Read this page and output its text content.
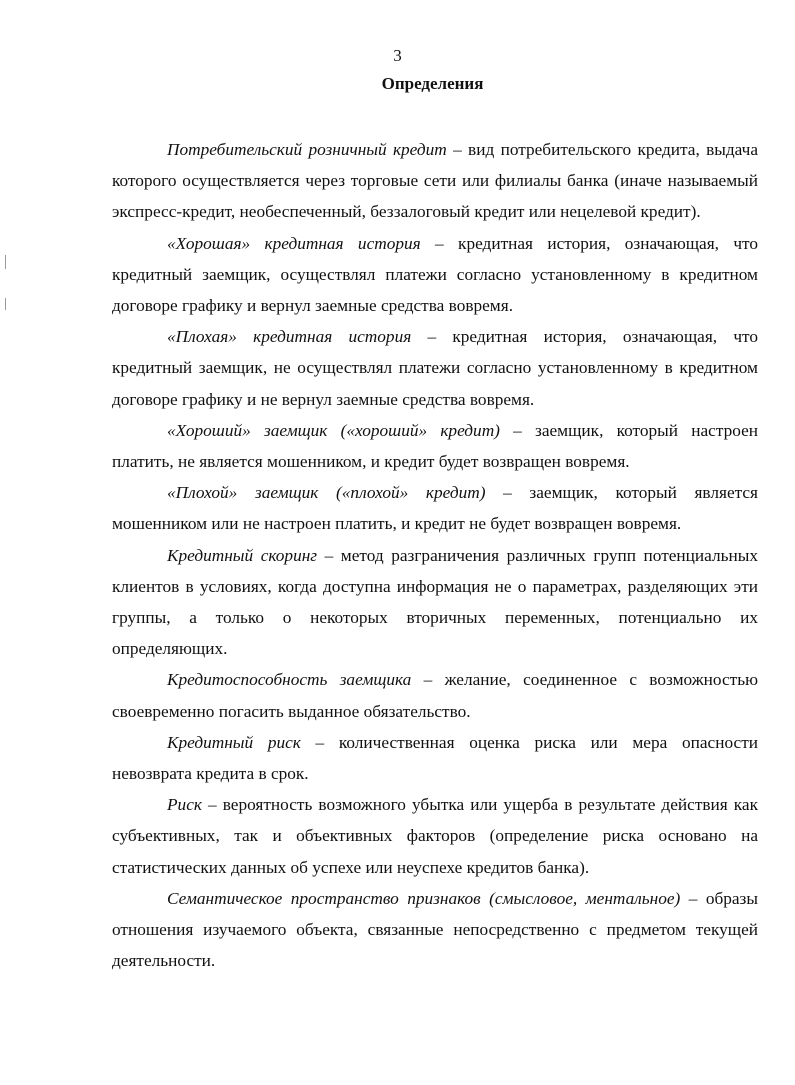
3
Определения

Потребительский розничный кредит – вид потребительского кредита, выдача которого осуществляется через торговые сети или филиалы банка (иначе называемый экспресс-кредит, необеспеченный, беззалоговый кредит или нецелевой кредит).

«Хорошая» кредитная история – кредитная история, означающая, что кредитный заемщик, осуществлял платежи согласно установленному в кредитном договоре графику и вернул заемные средства вовремя.

«Плохая» кредитная история – кредитная история, означающая, что кредитный заемщик, не осуществлял платежи согласно установленному в кредитном договоре графику и не вернул заемные средства вовремя.

«Хороший» заемщик («хороший» кредит) – заемщик, который настроен платить, не является мошенником, и кредит будет возвращен вовремя.

«Плохой» заемщик («плохой» кредит) – заемщик, который является мошенником или не настроен платить, и кредит не будет возвращен вовремя.

Кредитный скоринг – метод разграничения различных групп потенциальных клиентов в условиях, когда доступна информация не о параметрах, разделяющих эти группы, а только о некоторых вторичных переменных, потенциально их определяющих.

Кредитоспособность заемщика – желание, соединенное с возможностью своевременно погасить выданное обязательство.

Кредитный риск – количественная оценка риска или мера опасности невозврата кредита в срок.

Риск – вероятность возможного убытка или ущерба в результате действия как субъективных, так и объективных факторов (определение риска основано на статистических данных об успехе или неуспехе кредитов банка).

Семантическое пространство признаков (смысловое, ментальное) – образы отношения изучаемого объекта, связанные непосредственно с предметом текущей деятельности.
